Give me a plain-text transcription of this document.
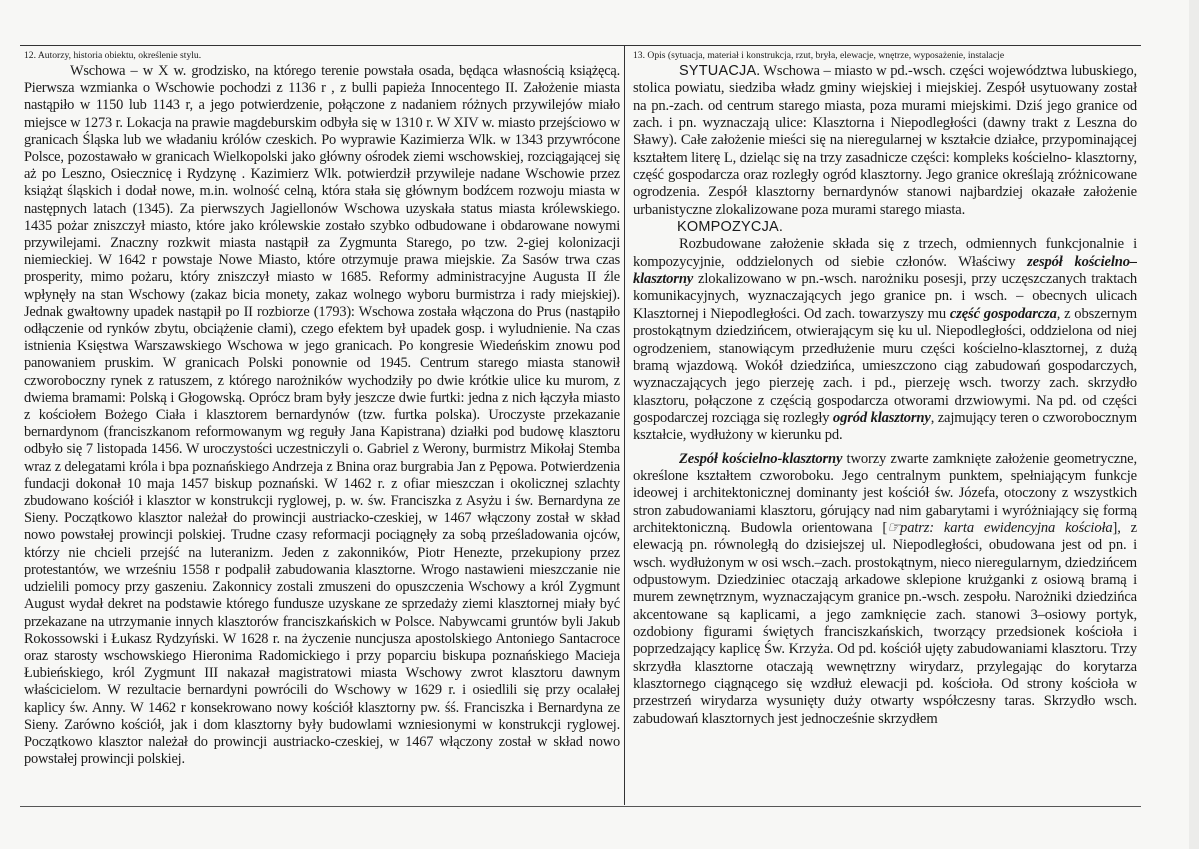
12. Autorzy, historia obiektu, określenie stylu.

Wschowa – w X w. grodzisko, na którego terenie powstała osada, będąca własnością książęcą. Pierwsza wzmianka o Wschowie pochodzi z 1136 r , z bulli papieża Innocentego II. Założenie miasta nastąpiło w 1150 lub 1143 r, a jego potwierdzenie, połączone z nadaniem różnych przywilejów miało miejsce w 1273 r. Lokacja na prawie magdeburskim odbyła się w 1310 r. W XIV w. miasto przejściowo w granicach Śląska lub we władaniu królów czeskich. Po wyprawie Kazimierza Wlk. w 1343 przywrócone Polsce, pozostawało w granicach Wielkopolski jako główny ośrodek ziemi wschowskiej, rozciągającej się aż po Leszno, Osiecznicę i Rydzynę . Kazimierz Wlk. potwierdził przywileje nadane Wschowie przez książąt śląskich i dodał nowe, m.in. wolność celną, która stała się głównym bodźcem rozwoju miasta w następnych latach (1345). Za pierwszych Jagiellonów Wschowa uzyskała status miasta królewskiego. 1435 pożar zniszczył miasto, które jako królewskie zostało szybko odbudowane i obdarowane nowymi przywilejami. Znaczny rozkwit miasta nastąpił za Zygmunta Starego, po tzw. 2-giej kolonizacji niemieckiej. W 1642 r powstaje Nowe Miasto, które otrzymuje prawa miejskie. Za Sasów trwa czas prosperity, mimo pożaru, który zniszczył miasto w 1685. Reformy administracyjne Augusta II źle wpłynęły na stan Wschowy (zakaz bicia monety, zakaz wolnego wyboru burmistrza i rady miejskiej). Jednak gwałtowny upadek nastąpił po II rozbiorze (1793): Wschowa została włączona do Prus (nastąpiło odłączenie od rynków zbytu, obciążenie cłami), czego efektem był upadek gosp. i wyludnienie. Na czas istnienia Księstwa Warszawskiego Wschowa w jego granicach. Po kongresie Wiedeńskim znowu pod panowaniem pruskim. W granicach Polski ponownie od 1945. Centrum starego miasta stanowił czworoboczny rynek z ratuszem, z którego narożników wychodziły po dwie krótkie ulice ku murom, z dwiema bramami: Polską i Głogowską. Oprócz bram były jeszcze dwie furtki: jedna z nich łączyła miasto z kościołem Bożego Ciała i klasztorem bernardynów (tzw. furtka polska). Uroczyste przekazanie bernardynom (franciszkanom reformowanym wg reguły Jana Kapistrana) działki pod budowę klasztoru odbyło się 7 listopada 1456. W uroczystości uczestniczyli o. Gabriel z Werony, burmistrz Mikołaj Stemba wraz z delegatami króla i bpa poznańskiego Andrzeja z Bnina oraz burgrabia Jan z Pępowa. Potwierdzenia fundacji dokonał 10 maja 1457 biskup poznański. W 1462 r. z ofiar mieszczan i okolicznej szlachty zbudowano kościół i klasztor w konstrukcji ryglowej, p. w. św. Franciszka z Asyżu i św. Bernardyna ze Sieny. Początkowo klasztor należał do prowincji austriacko-czeskiej, w 1467 włączony został w skład nowo powstałej prowincji polskiej. Trudne czasy reformacji pociągnęły za sobą prześladowania ojców, którzy nie chcieli przejść na luteranizm. Jeden z zakonników, Piotr Henezte, przekupiony przez protestantów, we wrześniu 1558 r podpalił zabudowania klasztorne. Wrogo nastawieni mieszczanie nie udzielili pomocy przy gaszeniu. Zakonnicy zostali zmuszeni do opuszczenia Wschowy a król Zygmunt August wydał dekret na podstawie którego fundusze uzyskane ze sprzedaży ziemi klasztornej miały być przekazane na utrzymanie innych klasztorów franciszkańskich w Polsce. Nabywcami gruntów byli Jakub Rokossowski i Łukasz Rydzyński. W 1628 r. na życzenie nuncjusza apostolskiego Antoniego Santacroce oraz starosty wschowskiego Hieronima Radomickiego i przy poparciu biskupa poznańskiego Macieja Łubieńskiego, król Zygmunt III nakazał magistratowi miasta Wschowy zwrot klasztoru dawnym właścicielom. W rezultacie bernardyni powrócili do Wschowy w 1629 r. i osiedlili się przy ocalałej kaplicy św. Anny. W 1462 r konsekrowano nowy kościół klasztorny pw. śś. Franciszka i Bernardyna ze Sieny. Zarówno kościół, jak i dom klasztorny były budowlami wzniesionymi w konstrukcji ryglowej. Początkowo klasztor należał do prowincji austriacko-czeskiej, w 1467 włączony został w skład nowo powstałej prowincji polskiej.

13. Opis (sytuacja, materiał i konstrukcja, rzut, bryła, elewacje, wnętrze, wyposażenie, instalacje

SYTUACJA. Wschowa – miasto w pd.-wsch. części województwa lubuskiego, stolica powiatu, siedziba władz gminy wiejskiej i miejskiej. Zespół usytuowany został na pn.-zach. od centrum starego miasta, poza murami miejskimi. Dziś jego granice od zach. i pn. wyznaczają ulice: Klasztorna i Niepodległości (dawny trakt z Leszna do Sławy). Całe założenie mieści się na nieregularnej w kształcie działce, przypominającej kształtem literę L, dzieląc się na trzy zasadnicze części: kompleks kościelno- klasztorny, część gospodarcza oraz rozległy ogród klasztorny. Jego granice określają zróżnicowane ogrodzenia. Zespół klasztorny bernardynów stanowi najbardziej okazałe założenie urbanistyczne zlokalizowane poza murami starego miasta.

KOMPOZYCJA.

Rozbudowane założenie składa się z trzech, odmiennych funkcjonalnie i kompozycyjnie, oddzielonych od siebie członów. Właściwy zespół kościelno–klasztorny zlokalizowano w pn.-wsch. narożniku posesji, przy uczęszczanych traktach komunikacyjnych, wyznaczających jego granice pn. i wsch. – obecnych ulicach Klasztornej i Niepodległości. Od zach. towarzyszy mu część gospodarcza, z obszernym prostokątnym dziedzińcem, otwierającym się ku ul. Niepodległości, oddzielona od niej ogrodzeniem, stanowiącym przedłużenie muru części kościelno-klasztornej, z dużą bramą wjazdową. Wokół dziedzińca, umieszczono ciąg zabudowań gospodarczych, wyznaczających jego pierzeję zach. i pd., pierzeję wsch. tworzy zach. skrzydło klasztoru, połączone z częścią gospodarcza otworami drzwiowymi. Na pd. od części gospodarczej rozciąga się rozległy ogród klasztorny, zajmujący teren o czworobocznym kształcie, wydłużony w kierunku pd.

Zespół kościelno-klasztorny tworzy zwarte zamknięte założenie geometryczne, określone kształtem czworoboku. Jego centralnym punktem, spełniającym funkcje ideowej i architektonicznej dominanty jest kościół św. Józefa, otoczony z wszystkich stron zabudowaniami klasztoru, górujący nad nim gabarytami i wyróżniający się formą architektoniczną. Budowla orientowana [☞patrz: karta ewidencyjna kościoła], z elewacją pn. równoległą do dzisiejszej ul. Niepodległości, obudowana jest od pn. i wsch. wydłużonym w osi wsch.–zach. prostokątnym, nieco nieregularnym, dziedzińcem odpustowym. Dziedziniec otaczają arkadowe sklepione krużganki z osiową bramą i murem zewnętrznym, wyznaczającym granice pn.-wsch. zespołu. Narożniki dziedzińca akcentowane są kaplicami, a jego zamknięcie zach. stanowi 3–osiowy portyk, ozdobiony figurami świętych franciszkańskich, tworzący przedsionek kościoła i poprzedzający kaplicę Św. Krzyża. Od pd. kościół ujęty zabudowaniami klasztoru. Trzy skrzydła klasztorne otaczają wewnętrzny wirydarz, przylegając do korytarza klasztornego ciągnącego się wzdłuż elewacji pd. kościoła. Od strony kościoła w przestrzeń wirydarza wysunięty duży otwarty współczesny taras. Skrzydło wsch. zabudowań klasztornych jest jednocześnie skrzydłem
